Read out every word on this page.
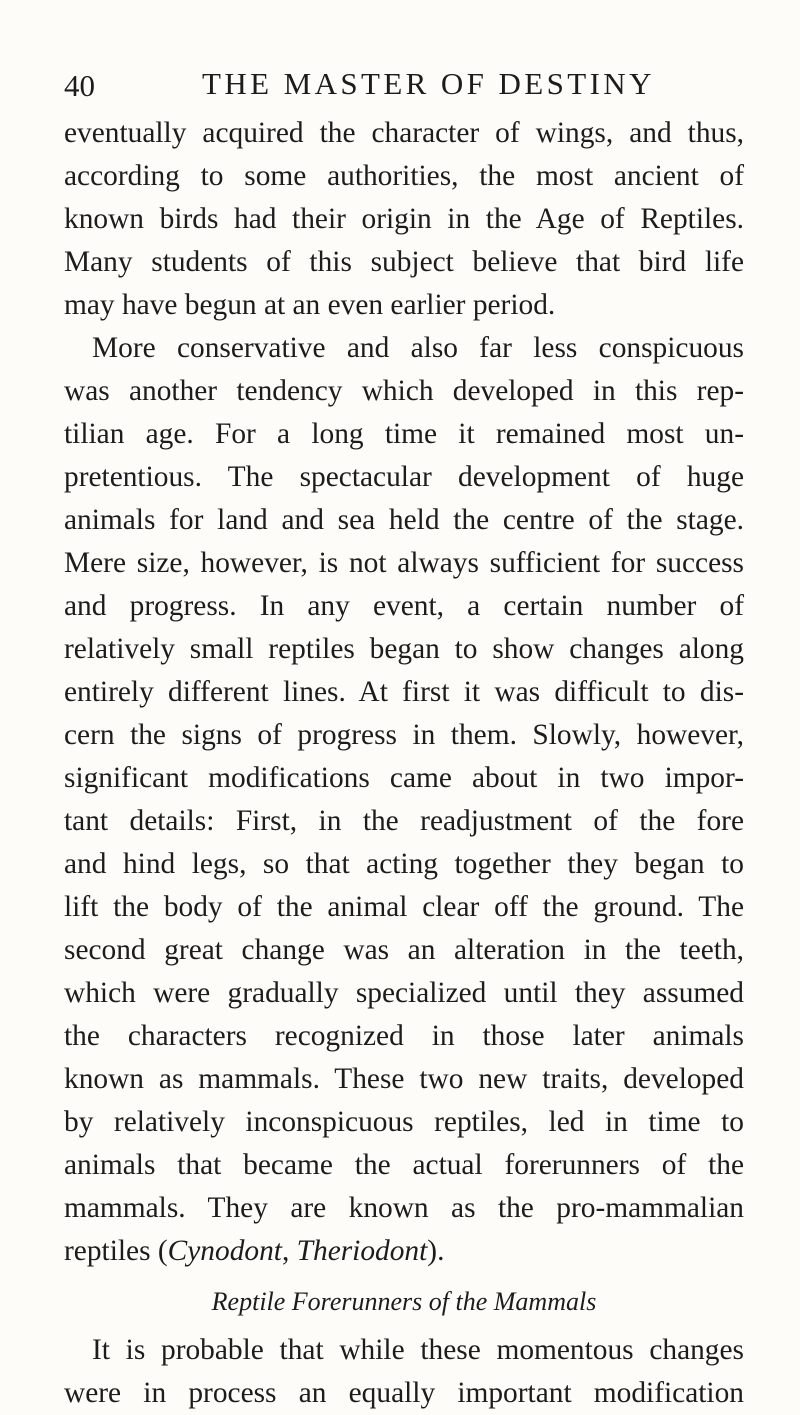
40	THE MASTER OF DESTINY
eventually acquired the character of wings, and thus,
according to some authorities, the most ancient of
known birds had their origin in the Age of Reptiles.
Many students of this subject believe that bird life
may have begun at an even earlier period.
More conservative and also far less conspicuous
was another tendency which developed in this rep-
tilian age. For a long time it remained most un-
pretentious. The spectacular development of huge
animals for land and sea held the centre of the stage.
Mere size, however, is not always sufficient for success
and progress. In any event, a certain number of
relatively small reptiles began to show changes along
entirely different lines. At first it was difficult to dis-
cern the signs of progress in them. Slowly, however,
significant modifications came about in two impor-
tant details: First, in the readjustment of the fore
and hind legs, so that acting together they began to
lift the body of the animal clear off the ground. The
second great change was an alteration in the teeth,
which were gradually specialized until they assumed
the characters recognized in those later animals
known as mammals. These two new traits, developed
by relatively inconspicuous reptiles, led in time to
animals that became the actual forerunners of the
mammals. They are known as the pro-mammalian
reptiles (Cynodont, Theriodont).
Reptile Forerunners of the Mammals
It is probable that while these momentous changes
were in process an equally important modification
